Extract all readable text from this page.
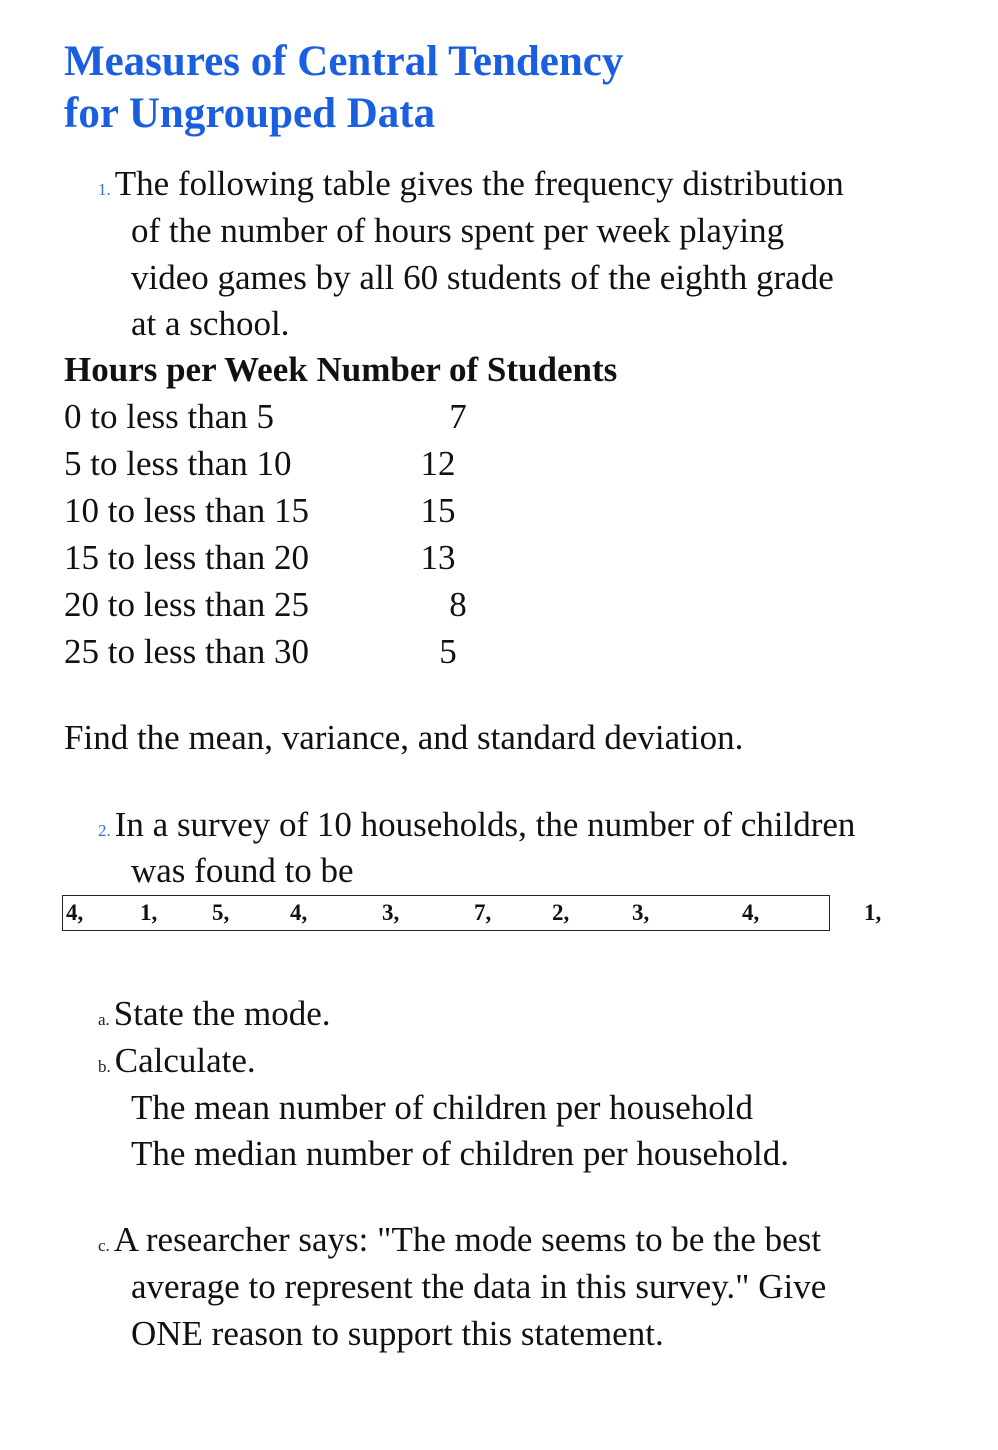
Measures of Central Tendency
for Ungrouped Data
1. The following table gives the frequency distribution
of the number of hours spent per week playing
video games by all 60 students of the eighth grade
at a school.
Hours per Week Number of Students
0 to less than 5	7
5 to less than 10	12
10 to less than 15	15
15 to less than 20	13
20 to less than 25	8
25 to less than 30	5
Find the mean, variance, and standard deviation.
2. In a survey of 10 households, the number of children
was found to be
4, 1, 5,	4,	3,	7,	2,	3,	4,	1,
a. State the mode.
b. Calculate.
The mean number of children per household
The median number of children per household.
c. A researcher says: "The mode seems to be the best
average to represent the data in this survey." Give
ONE reason to support this statement.
